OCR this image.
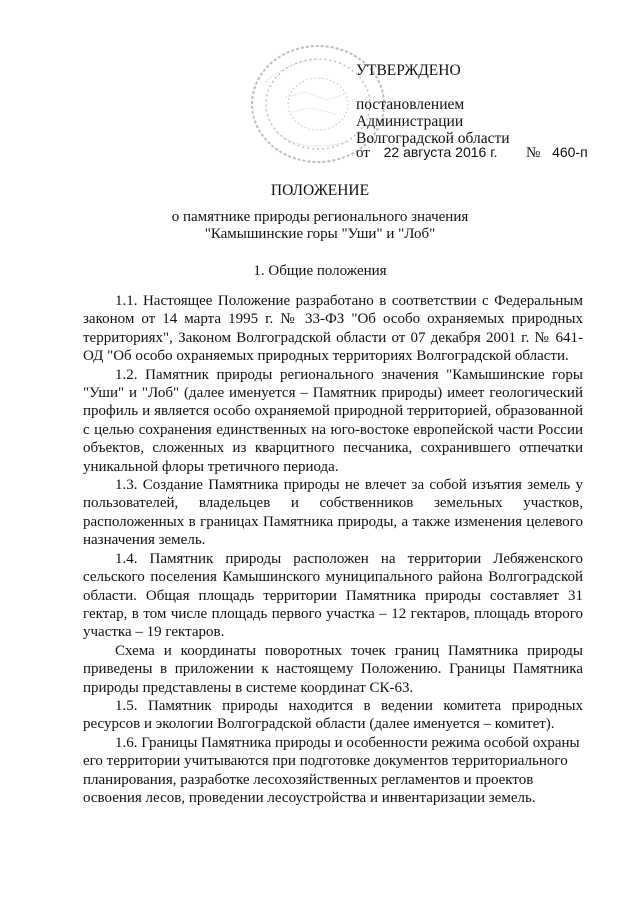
УТВЕРЖДЕНО
постановлением
Администрации
Волгоградской области
от 22 августа 2016 г. № 460-п
ПОЛОЖЕНИЕ
о памятнике природы регионального значения
"Камышинские горы "Уши" и "Лоб"
1. Общие положения

1.1. Настоящее Положение разработано в соответствии с Федеральным законом от 14 марта 1995 г. № 33-ФЗ "Об особо охраняемых природных территориях", Законом Волгоградской области от 07 декабря 2001 г. № 641-ОД "Об особо охраняемых природных территориях Волгоградской области.

1.2. Памятник природы регионального значения "Камышинские горы "Уши" и "Лоб" (далее именуется – Памятник природы) имеет геологический профиль и является особо охраняемой природной территорией, образованной с целью сохранения единственных на юго-востоке европейской части России объектов, сложенных из кварцитного песчаника, сохранившего отпечатки уникальной флоры третичного периода.

1.3. Создание Памятника природы не влечет за собой изъятия земель у пользователей, владельцев и собственников земельных участков, расположенных в границах Памятника природы, а также изменения целевого назначения земель.

1.4. Памятник природы расположен на территории Лебяженского сельского поселения Камышинского муниципального района Волгоградской области. Общая площадь территории Памятника природы составляет 31 гектар, в том числе площадь первого участка – 12 гектаров, площадь второго участка – 19 гектаров.

Схема и координаты поворотных точек границ Памятника природы приведены в приложении к настоящему Положению. Границы Памятника природы представлены в системе координат СК-63.

1.5. Памятник природы находится в ведении комитета природных ресурсов и экологии Волгоградской области (далее именуется – комитет).

1.6. Границы Памятника природы и особенности режима особой охраны его территории учитываются при подготовке документов территориального планирования, разработке лесохозяйственных регламентов и проектов освоения лесов, проведении лесоустройства и инвентаризации земель.
